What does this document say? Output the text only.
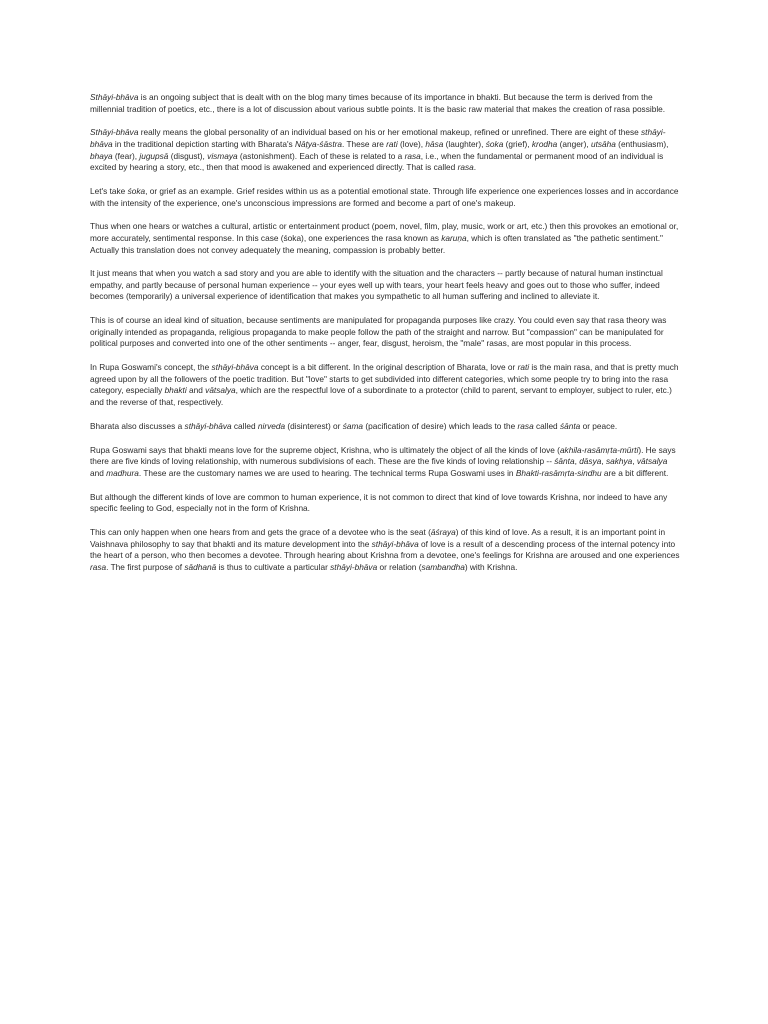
Sthāyi-bhāva is an ongoing subject that is dealt with on the blog many times because of its importance in bhakti. But because the term is derived from the millennial tradition of poetics, etc., there is a lot of discussion about various subtle points. It is the basic raw material that makes the creation of rasa possible.

Sthāyi-bhāva really means the global personality of an individual based on his or her emotional makeup, refined or unrefined. There are eight of these sthāyi-bhāva in the traditional depiction starting with Bharata's Nāṭya-śāstra. These are rati (love), hāsa (laughter), śoka (grief), krodha (anger), utsāha (enthusiasm), bhaya (fear), jugupsā (disgust), vismaya (astonishment). Each of these is related to a rasa, i.e., when the fundamental or permanent mood of an individual is excited by hearing a story, etc., then that mood is awakened and experienced directly. That is called rasa.

Let's take śoka, or grief as an example. Grief resides within us as a potential emotional state. Through life experience one experiences losses and in accordance with the intensity of the experience, one's unconscious impressions are formed and become a part of one's makeup.

Thus when one hears or watches a cultural, artistic or entertainment product (poem, novel, film, play, music, work or art, etc.) then this provokes an emotional or, more accurately, sentimental response. In this case (śoka), one experiences the rasa known as karuṇa, which is often translated as "the pathetic sentiment." Actually this translation does not convey adequately the meaning, compassion is probably better.

It just means that when you watch a sad story and you are able to identify with the situation and the characters -- partly because of natural human instinctual empathy, and partly because of personal human experience -- your eyes well up with tears, your heart feels heavy and goes out to those who suffer, indeed becomes (temporarily) a universal experience of identification that makes you sympathetic to all human suffering and inclined to alleviate it.

This is of course an ideal kind of situation, because sentiments are manipulated for propaganda purposes like crazy. You could even say that rasa theory was originally intended as propaganda, religious propaganda to make people follow the path of the straight and narrow. But "compassion" can be manipulated for political purposes and converted into one of the other sentiments -- anger, fear, disgust, heroism, the "male" rasas, are most popular in this process.

In Rupa Goswami's concept, the sthāyi-bhāva concept is a bit different. In the original description of Bharata, love or rati is the main rasa, and that is pretty much agreed upon by all the followers of the poetic tradition. But "love" starts to get subdivided into different categories, which some people try to bring into the rasa category, especially bhakti and vātsalya, which are the respectful love of a subordinate to a protector (child to parent, servant to employer, subject to ruler, etc.) and the reverse of that, respectively.

Bharata also discusses a sthāyi-bhāva called nirveda (disinterest) or śama (pacification of desire) which leads to the rasa called śānta or peace.

Rupa Goswami says that bhakti means love for the supreme object, Krishna, who is ultimately the object of all the kinds of love (akhila-rasāmṛta-mūrti). He says there are five kinds of loving relationship, with numerous subdivisions of each. These are the five kinds of loving relationship -- śānta, dāsya, sakhya, vātsalya and madhura. These are the customary names we are used to hearing. The technical terms Rupa Goswami uses in Bhakti-rasāmṛta-sindhu are a bit different.

But although the different kinds of love are common to human experience, it is not common to direct that kind of love towards Krishna, nor indeed to have any specific feeling to God, especially not in the form of Krishna.

This can only happen when one hears from and gets the grace of a devotee who is the seat (āśraya) of this kind of love. As a result, it is an important point in Vaishnava philosophy to say that bhakti and its mature development into the sthāyi-bhāva of love is a result of a descending process of the internal potency into the heart of a person, who then becomes a devotee. Through hearing about Krishna from a devotee, one's feelings for Krishna are aroused and one experiences rasa. The first purpose of sādhanā is thus to cultivate a particular sthāyi-bhāva or relation (sambandha) with Krishna.
